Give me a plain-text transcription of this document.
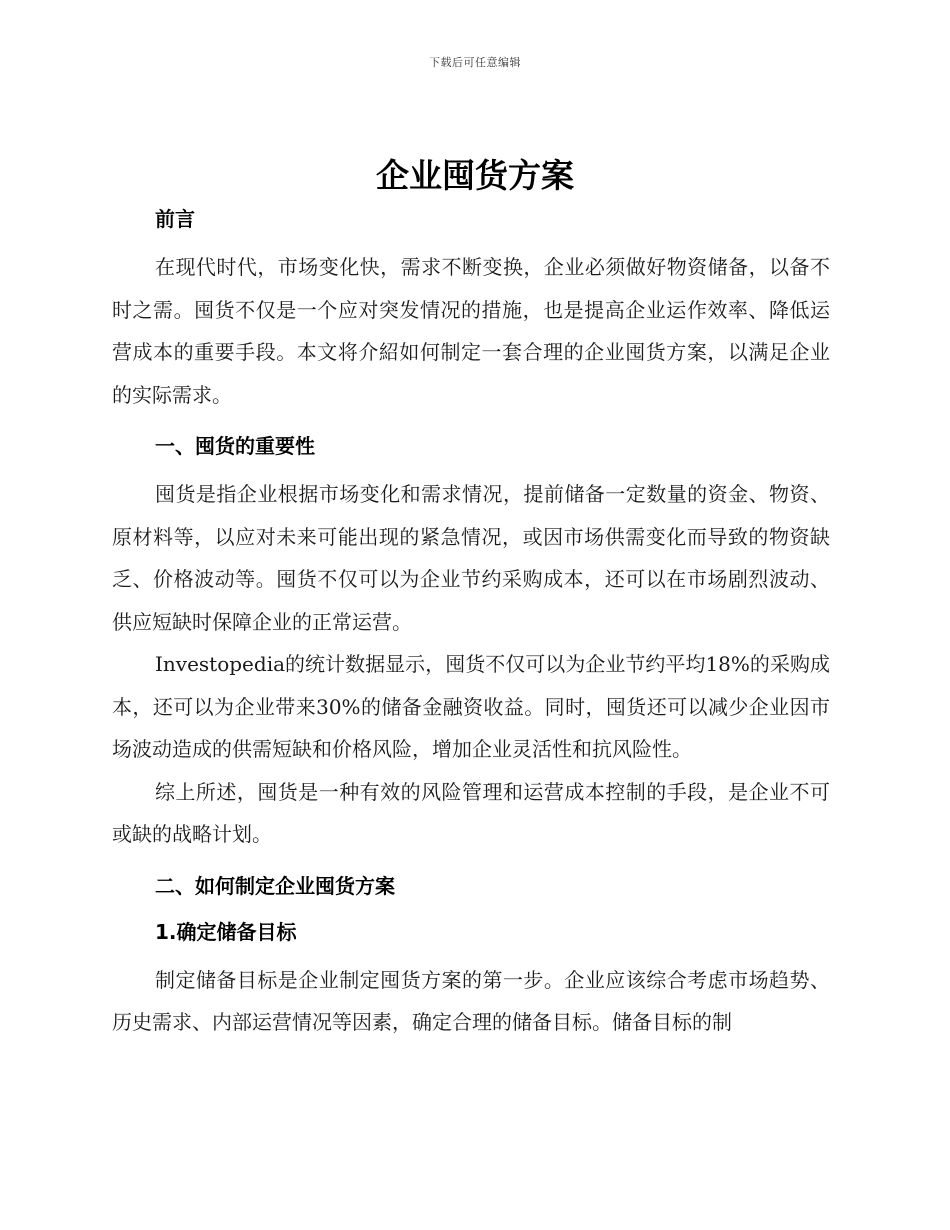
下载后可任意编辑
企业囤货方案
前言
在现代时代，市场变化快，需求不断变换，企业必须做好物资储备，以备不时之需。囤货不仅是一个应对突发情况的措施，也是提高企业运作效率、降低运营成本的重要手段。本文将介紹如何制定一套合理的企业囤货方案，以满足企业的实际需求。
一、囤货的重要性
囤货是指企业根据市场变化和需求情况，提前储备一定数量的资金、物资、原材料等，以应对未来可能出现的紧急情况，或因市场供需变化而导致的物资缺乏、价格波动等。囤货不仅可以为企业节约采购成本，还可以在市场剧烈波动、供应短缺时保障企业的正常运营。
Investopedia的统计数据显示，囤货不仅可以为企业节约平均18%的采购成本，还可以为企业带来30%的储备金融资收益。同时，囤货还可以减少企业因市场波动造成的供需短缺和价格风险，增加企业灵活性和抗风险性。
综上所述，囤货是一种有效的风险管理和运营成本控制的手段，是企业不可或缺的战略计划。
二、如何制定企业囤货方案
1.确定储备目标
制定储备目标是企业制定囤货方案的第一步。企业应该综合考虑市场趋势、历史需求、内部运营情况等因素，确定合理的储备目标。储备目标的制
